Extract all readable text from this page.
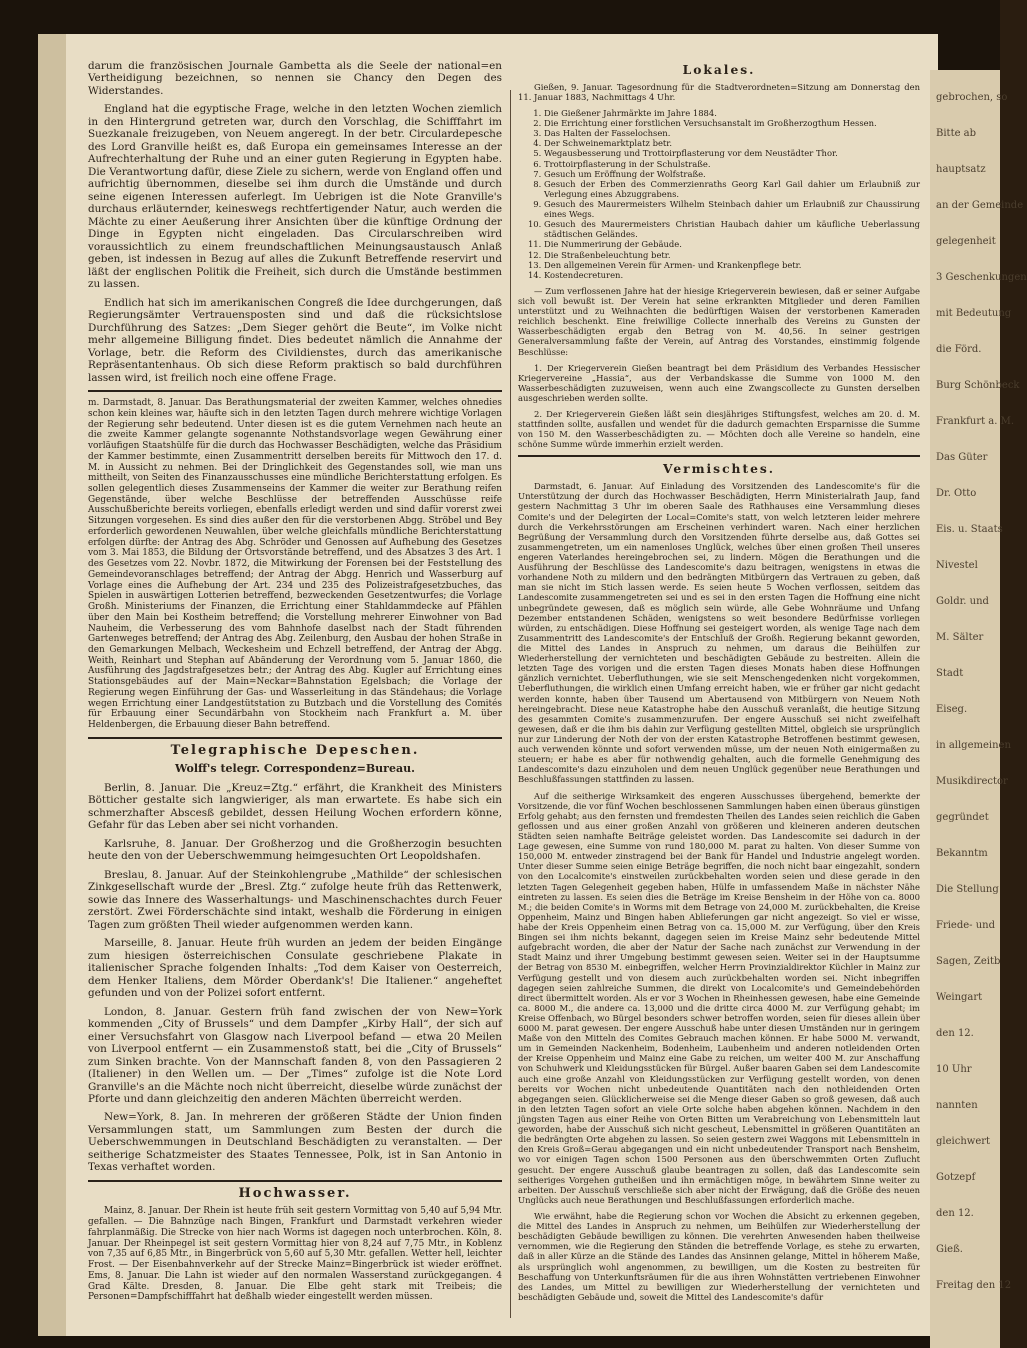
gebrochen, so
Bitte ab
hauptsatz
an der Gemeinde
gelegenheit
3 Geschenkungen
mit Bedeutung
die Förd.
Burg Schönbeck
Frankfurt a. M.
Das Güter
Dr. Otto
Eis. u. Staats
Nivestel
Goldr. und
M. Sälter
Stadt
Eiseg.
in allgemeinen
Musikdirector
gegründet
Bekanntm
Die Stellung
Friede- und
Sagen, Zeitb
Weingart
den 12.
10 Uhr
nannten
gleichwert
Gotzepf
den 12.
Gieß.
Freitag den 12

darum die französischen Journale Gambetta als die Seele der national=en Vertheidigung bezeichnen, so nennen sie Chancy den Degen des Widerstandes.

England hat die egyptische Frage, welche in den letzten Wochen ziemlich in den Hintergrund getreten war, durch den Vorschlag, die Schifffahrt im Suezkanale freizugeben, von Neuem angeregt. In der betr. Circulardepesche des Lord Granville heißt es, daß Europa ein gemeinsames Interesse an der Aufrechterhaltung der Ruhe und an einer guten Regierung in Egypten habe. Die Verantwortung dafür, diese Ziele zu sichern, werde von England offen und aufrichtig übernommen, dieselbe sei ihm durch die Umstände und durch seine eigenen Interessen auferlegt. Im Uebrigen ist die Note Granville's durchaus erläuternder, keineswegs rechtfertigender Natur, auch werden die Mächte zu einer Aeußerung ihrer Ansichten über die künftige Ordnung der Dinge in Egypten nicht eingeladen. Das Circularschreiben wird voraussichtlich zu einem freundschaftlichen Meinungsaustausch Anlaß geben, ist indessen in Bezug auf alles die Zukunft Betreffende reservirt und läßt der englischen Politik die Freiheit, sich durch die Umstände bestimmen zu lassen.

Endlich hat sich im amerikanischen Congreß die Idee durchgerungen, daß Regierungsämter Vertrauensposten sind und daß die rücksichtslose Durchführung des Satzes: „Dem Sieger gehört die Beute“, im Volke nicht mehr allgemeine Billigung findet. Dies bedeutet nämlich die Annahme der Vorlage, betr. die Reform des Civildienstes, durch das amerikanische Repräsentantenhaus. Ob sich diese Reform praktisch so bald durchführen lassen wird, ist freilich noch eine offene Frage.

m. Darmstadt, 8. Januar. Das Berathungsmaterial der zweiten Kammer, welches ohnedies schon kein kleines war, häufte sich in den letzten Tagen durch mehrere wichtige Vorlagen der Regierung sehr bedeutend. Unter diesen ist es die gutem Vernehmen nach heute an die zweite Kammer gelangte sogenannte Nothstandsvorlage wegen Gewährung einer vorläufigen Staatshülfe für die durch das Hochwasser Beschädigten, welche das Präsidium der Kammer bestimmte, einen Zusammentritt derselben bereits für Mittwoch den 17. d. M. in Aussicht zu nehmen. Bei der Dringlichkeit des Gegenstandes soll, wie man uns mittheilt, von Seiten des Finanzausschusses eine mündliche Berichterstattung erfolgen. Es sollen gelegentlich dieses Zusammenseins der Kammer die weiter zur Berathung reifen Gegenstände, über welche Beschlüsse der betreffenden Ausschüsse reife Ausschußberichte bereits vorliegen, ebenfalls erledigt werden und sind dafür vorerst zwei Sitzungen vorgesehen. Es sind dies außer den für die verstorbenen Abgg. Ströbel und Bey erforderlich gewordenen Neuwahlen, über welche gleichfalls mündliche Berichterstattung erfolgen dürfte: der Antrag des Abg. Schröder und Genossen auf Aufhebung des Gesetzes vom 3. Mai 1853, die Bildung der Ortsvorstände betreffend, und des Absatzes 3 des Art. 1 des Gesetzes vom 22. Novbr. 1872, die Mitwirkung der Forensen bei der Feststellung des Gemeindevoranschlages betreffend; der Antrag der Abgg. Henrich und Wasserburg auf Vorlage eines die Aufhebung der Art. 234 und 235 des Polizeistrafgesetzbuches, das Spielen in auswärtigen Lotterien betreffend, bezweckenden Gesetzentwurfes; die Vorlage Großh. Ministeriums der Finanzen, die Errichtung einer Stahldammdecke auf Pfählen über den Main bei Kostheim betreffend; die Vorstellung mehrerer Einwohner von Bad Nauheim, die Verbesserung des vom Bahnhofe daselbst nach der Stadt führenden Gartenweges betreffend; der Antrag des Abg. Zeilenburg, den Ausbau der hohen Straße in den Gemarkungen Melbach, Weckesheim und Echzell betreffend, der Antrag der Abgg. Weith, Reinhart und Stephan auf Abänderung der Verordnung vom 5. Januar 1860, die Ausführung des Jagdstrafgesetzes betr.; der Antrag des Abg. Kugler auf Errichtung eines Stationsgebäudes auf der Main=Neckar=Bahnstation Egelsbach; die Vorlage der Regierung wegen Einführung der Gas- und Wasserleitung in das Ständehaus; die Vorlage wegen Errichtung einer Landgestütstation zu Butzbach und die Vorstellung des Comités für Erbauung einer Secundärbahn von Stockheim nach Frankfurt a. M. über Heldenbergen, die Erbauung dieser Bahn betreffend.

Telegraphische Depeschen.
Wolff's telegr. Correspondenz=Bureau.

Berlin, 8. Januar. Die „Kreuz=Ztg.“ erfährt, die Krankheit des Ministers Bötticher gestalte sich langwieriger, als man erwartete. Es habe sich ein schmerzhafter Abscesß gebildet, dessen Heilung Wochen erfordern könne, Gefahr für das Leben aber sei nicht vorhanden.

Karlsruhe, 8. Januar. Der Großherzog und die Großherzogin besuchten heute den von der Ueberschwemmung heimgesuchten Ort Leopoldshafen.

Breslau, 8. Januar. Auf der Steinkohlengrube „Mathilde“ der schlesischen Zinkgesellschaft wurde der „Bresl. Ztg.“ zufolge heute früh das Rettenwerk, sowie das Innere des Wasserhaltungs- und Maschinenschachtes durch Feuer zerstört. Zwei Förderschächte sind intakt, weshalb die Förderung in einigen Tagen zum größten Theil wieder aufgenommen werden kann.

Marseille, 8. Januar. Heute früh wurden an jedem der beiden Eingänge zum hiesigen österreichischen Consulate geschriebene Plakate in italienischer Sprache folgenden Inhalts: „Tod dem Kaiser von Oesterreich, dem Henker Italiens, dem Mörder Oberdank's! Die Italiener.“ angeheftet gefunden und von der Polizei sofort entfernt.

London, 8. Januar. Gestern früh fand zwischen der von New=York kommenden „City of Brussels“ und dem Dampfer „Kirby Hall“, der sich auf einer Versuchsfahrt von Glasgow nach Liverpool befand — etwa 20 Meilen von Liverpool entfernt — ein Zusammenstoß statt, bei die „City of Brussels“ zum Sinken brachte. Von der Mannschaft fanden 8, von den Passagieren 2 (Italiener) in den Wellen um. — Der „Times“ zufolge ist die Note Lord Granville's an die Mächte noch nicht überreicht, dieselbe würde zunächst der Pforte und dann gleichzeitig den anderen Mächten überreicht werden.

New=York, 8. Jan. In mehreren der größeren Städte der Union finden Versammlungen statt, um Sammlungen zum Besten der durch die Ueberschwemmungen in Deutschland Beschädigten zu veranstalten. — Der seitherige Schatzmeister des Staates Tennessee, Polk, ist in San Antonio in Texas verhaftet worden.

Hochwasser.

Mainz, 8. Januar. Der Rhein ist heute früh seit gestern Vormittag von 5,40 auf 5,94 Mtr. gefallen. — Die Bahnzüge nach Bingen, Frankfurt und Darmstadt verkehren wieder fahrplanmäßig. Die Strecke von hier nach Worms ist dagegen noch unterbrochen. Köln, 8. Januar. Der Rheinpegel ist seit gestern Vormittag hier von 8,24 auf 7,75 Mtr., in Koblenz von 7,35 auf 6,85 Mtr., in Bingerbrück von 5,60 auf 5,30 Mtr. gefallen. Wetter hell, leichter Frost. — Der Eisenbahnverkehr auf der Strecke Mainz=Bingerbrück ist wieder eröffnet. Ems, 8. Januar. Die Lahn ist wieder auf den normalen Wasserstand zurückgegangen. 4 Grad Kälte. Dresden, 8. Januar. Die Elbe geht stark mit Treibeis; die Personen=Dampfschifffahrt hat deßhalb wieder eingestellt werden müssen.

Lokales.

Gießen, 9. Januar. Tagesordnung für die Stadtverordneten=Sitzung am Donnerstag den 11. Januar 1883, Nachmittags 4 Uhr.

1. Die Gießener Jahrmärkte im Jahre 1884.
2. Die Errichtung einer forstlichen Versuchsanstalt im Großherzogthum Hessen.
3. Das Halten der Fasselochsen.
4. Der Schweinemarktplatz betr.
5. Wegausbesserung und Trottoirpflasterung vor dem Neustädter Thor.
6. Trottoirpflasterung in der Schulstraße.
7. Gesuch um Eröffnung der Wolfstraße.
8. Gesuch der Erben des Commerzienraths Georg Karl Gail dahier um Erlaubniß zur Verlegung eines Abzuggrabens.
9. Gesuch des Maurermeisters Wilhelm Steinbach dahier um Erlaubniß zur Chaussirung eines Wegs.
10. Gesuch des Maurermeisters Christian Haubach dahier um käufliche Ueberlassung städtischen Geländes.
11. Die Nummerirung der Gebäude.
12. Die Straßenbeleuchtung betr.
13. Den allgemeinen Verein für Armen- und Krankenpflege betr.
14. Kostendecreturen.

— Zum verflossenen Jahre hat der hiesige Kriegerverein bewiesen, daß er seiner Aufgabe sich voll bewußt ist. Der Verein hat seine erkrankten Mitglieder und deren Familien unterstützt und zu Weihnachten die bedürftigen Waisen der verstorbenen Kameraden reichlich beschenkt. Eine freiwillige Collecte innerhalb des Vereins zu Gunsten der Wasserbeschädigten ergab den Betrag von M. 40,56. In seiner gestrigen Generalversammlung faßte der Verein, auf Antrag des Vorstandes, einstimmig folgende Beschlüsse:

1. Der Kriegerverein Gießen beantragt bei dem Präsidium des Verbandes Hessischer Kriegervereine „Hassia“, aus der Verbandskasse die Summe von 1000 M. den Wasserbeschädigten zuzuweisen, wenn auch eine Zwangscollecte zu Gunsten derselben ausgeschrieben werden sollte.

2. Der Kriegerverein Gießen läßt sein diesjähriges Stiftungsfest, welches am 20. d. M. stattfinden sollte, ausfallen und wendet für die dadurch gemachten Ersparnisse die Summe von 150 M. den Wasserbeschädigten zu. — Möchten doch alle Vereine so handeln, eine schöne Summe würde immerhin erzielt werden.

Vermischtes.

Darmstadt, 6. Januar. Auf Einladung des Vorsitzenden des Landescomite's für die Unterstützung der durch das Hochwasser Beschädigten, Herrn Ministerialrath Jaup, fand gestern Nachmittag 3 Uhr im oberen Saale des Rathhauses eine Versammlung dieses Comite's und der Delegirten der Local=Comite's statt, von welch letzteren leider mehrere durch die Verkehrsstörungen am Erscheinen verhindert waren. Nach einer herzlichen Begrüßung der Versammlung durch den Vorsitzenden führte derselbe aus, daß Gottes sei zusammengetreten, um ein namenloses Unglück, welches über einen großen Theil unseres engeren Vaterlandes hereingebrochen sei, zu lindern. Mögen die Berathungen und die Ausführung der Beschlüsse des Landescomite's dazu beitragen, wenigstens in etwas die vorhandene Noth zu mildern und den bedrängten Mitbürgern das Vertrauen zu geben, daß man sie nicht im Stich lassen werde. Es seien heute 5 Wochen verflossen, seitdem das Landescomite zusammengetreten sei und es sei in den ersten Tagen die Hoffnung eine nicht unbegründete gewesen, daß es möglich sein würde, alle Gebe Wohnräume und Unfang Dezember entstandenen Schäden, wenigstens so weit besondere Bedürfnisse vorliegen würden, zu entschädigen. Diese Hoffnung sei gesteigert worden, als wenige Tage nach dem Zusammentritt des Landescomite's der Entschluß der Großh. Regierung bekannt geworden, die Mittel des Landes in Anspruch zu nehmen, um daraus die Beihülfen zur Wiederherstellung der vernichteten und beschädigten Gebäude zu bestreiten. Allein die letzten Tage des vorigen und die ersten Tagen dieses Monats haben diese Hoffnungen gänzlich vernichtet. Ueberfluthungen, wie sie seit Menschengedenken nicht vorgekommen, Ueberfluthungen, die wirklich einen Umfang erreicht haben, wie er früher gar nicht gedacht werden konnte, haben über Tausend um Abertausend von Mitbürgern von Neuem Noth hereingebracht. Diese neue Katastrophe habe den Ausschuß veranlaßt, die heutige Sitzung des gesammten Comite's zusammenzurufen. Der engere Ausschuß sei nicht zweifelhaft gewesen, daß er die ihm bis dahin zur Verfügung gestellten Mittel, obgleich sie ursprünglich nur zur Linderung der Noth der von der ersten Katastrophe Betroffenen bestimmt gewesen, auch verwenden könnte und sofort verwenden müsse, um der neuen Noth einigermaßen zu steuern; er habe es aber für nothwendig gehalten, auch die formelle Genehmigung des Landescomite's dazu einzuholen und dem neuen Unglück gegenüber neue Berathungen und Beschlußfassungen stattfinden zu lassen.

Auf die seitherige Wirksamkeit des engeren Ausschusses übergehend, bemerkte der Vorsitzende, die vor fünf Wochen beschlossenen Sammlungen haben einen überaus günstigen Erfolg gehabt; aus den fernsten und fremdesten Theilen des Landes seien reichlich die Gaben geflossen und aus einer großen Anzahl von größeren und kleineren anderen deutschen Städten seien namhafte Beiträge geleistet worden. Das Landescomite sei dadurch in der Lage gewesen, eine Summe von rund 180,000 M. parat zu halten. Von dieser Summe von 150,000 M. entweder zinstragend bei der Bank für Handel und Industrie angelegt worden. Unter dieser Summe seien einige Beträge begriffen, die noch nicht baar eingezahlt, sondern von den Localcomite's einstweilen zurückbehalten worden seien und diese gerade in den letzten Tagen Gelegenheit gegeben haben, Hülfe in umfassendem Maße in nächster Nähe eintreten zu lassen. Es seien dies die Beträge im Kreise Bensheim in der Höhe von ca. 8000 M.; die beiden Comite's in Worms mit dem Betrage von 24,000 M. zurückbehalten, die Kreise Oppenheim, Mainz und Bingen haben Ablieferungen gar nicht angezeigt. So viel er wisse, habe der Kreis Oppenheim einen Betrag von ca. 15,000 M. zur Verfügung, über den Kreis Bingen sei ihm nichts bekannt, dagegen seien im Kreise Mainz sehr bedeutende Mittel aufgebracht worden, die aber der Natur der Sache nach zunächst zur Verwendung in der Stadt Mainz und ihrer Umgebung bestimmt gewesen seien. Weiter sei in der Hauptsumme der Betrag von 8530 M. einbegriffen, welcher Herrn Provinzialdirektor Küchler in Mainz zur Verfügung gestellt und von diesem auch zurückbehalten worden sei. Nicht inbegriffen dagegen seien zahlreiche Summen, die direkt von Localcomite's und Gemeindebehörden direct übermittelt worden. Als er vor 3 Wochen in Rheinhessen gewesen, habe eine Gemeinde ca. 8000 M., die andere ca. 13,000 und die dritte circa 4000 M. zur Verfügung gehabt; im Kreise Offenbach, wo Bürgel besonders schwer betroffen worden, seien für dieses allein über 6000 M. parat gewesen. Der engere Ausschuß habe unter diesen Umständen nur in geringem Maße von den Mitteln des Comites Gebrauch machen können. Er habe 5000 M. verwandt, um in Gemeinden Nackenheim, Bodenheim, Laubenheim und anderen notleidenden Orten der Kreise Oppenheim und Mainz eine Gabe zu reichen, um weiter 400 M. zur Anschaffung von Schuhwerk und Kleidungsstücken für Bürgel. Außer baaren Gaben sei dem Landescomite auch eine große Anzahl von Kleidungsstücken zur Verfügung gestellt worden, von denen bereits vor Wochen nicht unbedeutende Quantitäten nach den nothleidenden Orten abgegangen seien. Glücklicherweise sei die Menge dieser Gaben so groß gewesen, daß auch in den letzten Tagen sofort an viele Orte solche haben abgehen können. Nachdem in den jüngsten Tagen aus einer Reihe von Orten Bitten um Verabreichung von Lebensmitteln laut geworden, habe der Ausschuß sich nicht gescheut, Lebensmittel in größeren Quantitäten an die bedrängten Orte abgehen zu lassen. So seien gestern zwei Waggons mit Lebensmitteln in den Kreis Groß=Gerau abgegangen und ein nicht unbedeutender Transport nach Bensheim, wo vor einigen Tagen schon 1500 Personen aus den überschwemmten Orten Zuflucht gesucht. Der engere Ausschuß glaube beantragen zu sollen, daß das Landescomite sein seitheriges Vorgehen gutheißen und ihn ermächtigen möge, in bewährtem Sinne weiter zu arbeiten. Der Ausschuß verschließe sich aber nicht der Erwägung, daß die Größe des neuen Unglücks auch neue Berathungen und Beschlußfassungen erforderlich mache.

Wie erwähnt, habe die Regierung schon vor Wochen die Absicht zu erkennen gegeben, die Mittel des Landes in Anspruch zu nehmen, um Beihülfen zur Wiederherstellung der beschädigten Gebäude bewilligen zu können. Die verehrten Anwesenden haben theilweise vernommen, wie die Regierung den Ständen die betreffende Vorlage, es stehe zu erwarten, daß in aller Kürze an die Stände des Landes das Ansinnen gelange, Mittel in höherem Maße, als ursprünglich wohl angenommen, zu bewilligen, um die Kosten zu bestreiten für Beschaffung von Unterkunftsräumen für die aus ihren Wohnstätten vertriebenen Einwohner des Landes, um Mittel zu bewilligen zur Wiederherstellung der vernichteten und beschädigten Gebäude und, soweit die Mittel des Landescomite's dafür
